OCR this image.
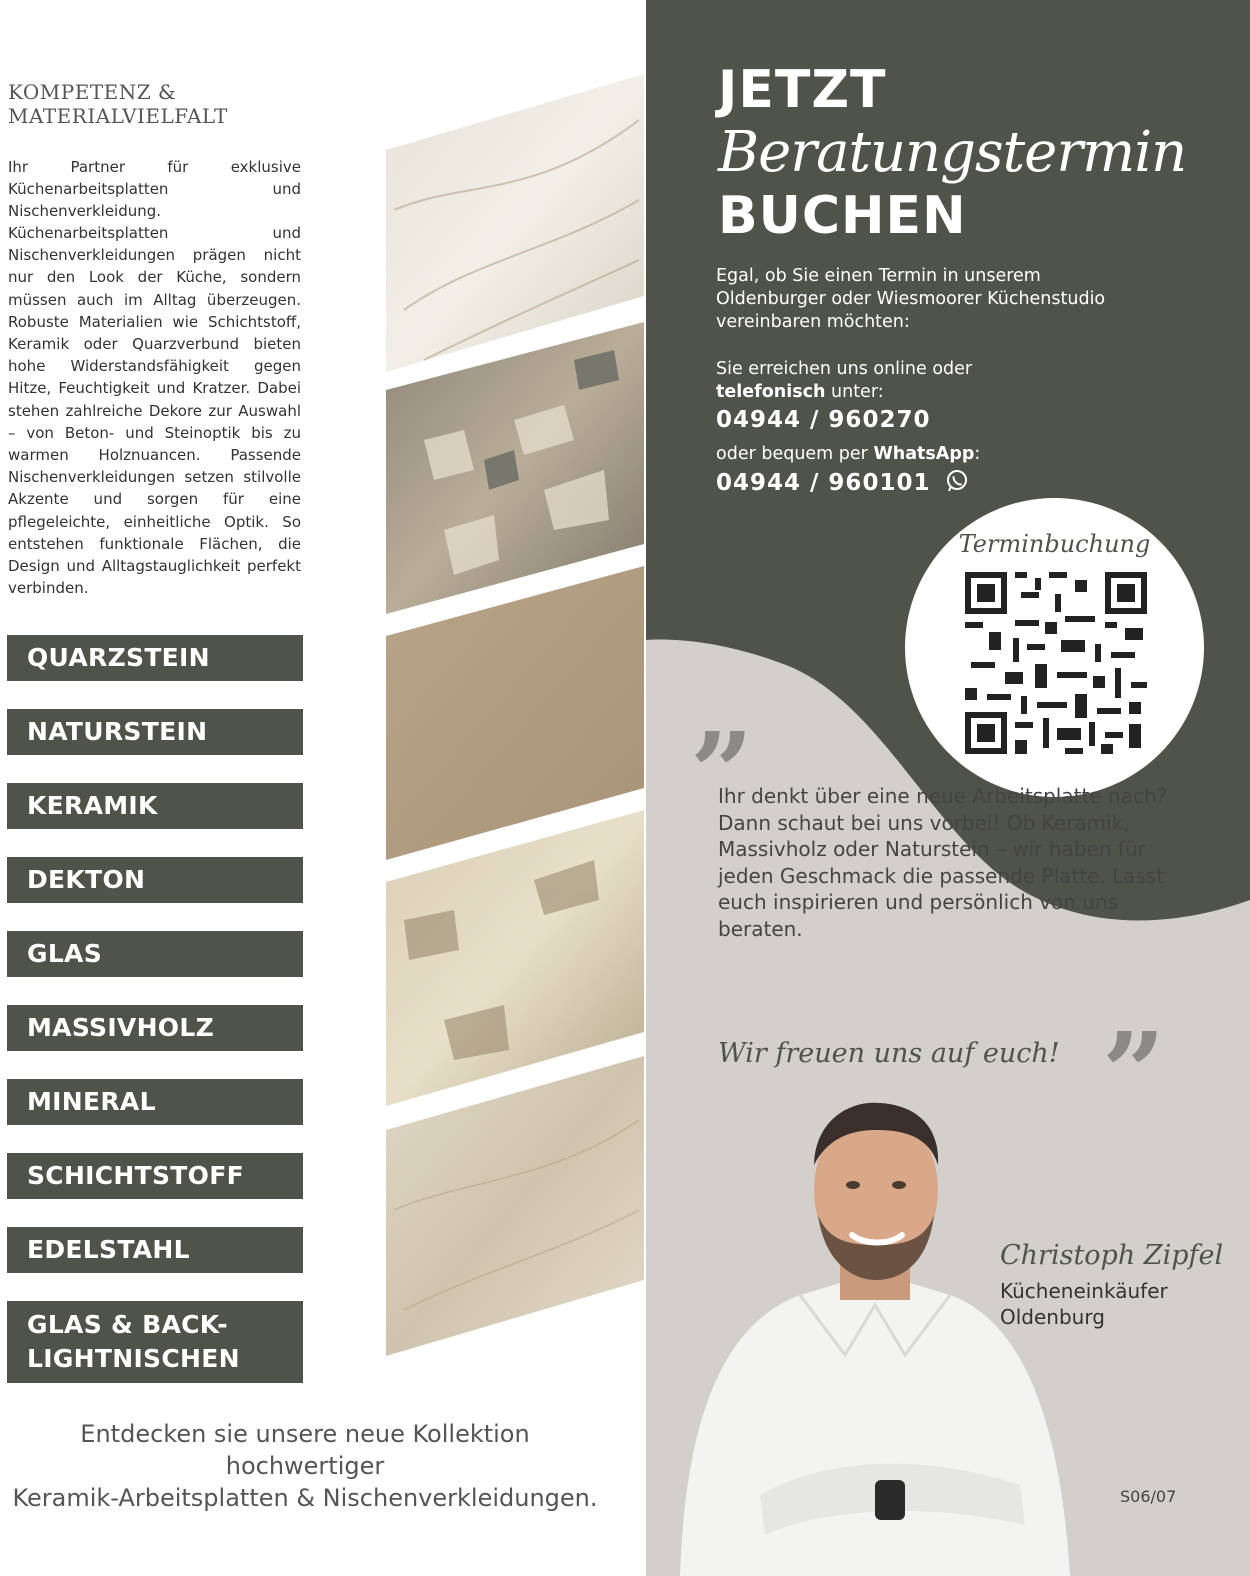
KOMPETENZ &
MATERIALVIELFALT
Ihr Partner für exklusive Küchenarbeitsplatten und Nischenverkleidung.
Küchenarbeitsplatten und Nischenverkleidungen prägen nicht nur den Look der Küche, sondern müssen auch im Alltag überzeugen. Robuste Materialien wie Schichtstoff, Keramik oder Quarzverbund bieten hohe Widerstandsfähigkeit gegen Hitze, Feuchtigkeit und Kratzer. Dabei stehen zahlreiche Dekore zur Auswahl – von Beton- und Steinoptik bis zu warmen Holznuancen. Passende Nischenverkleidungen setzen stilvolle Akzente und sorgen für eine pflegeleichte, einheitliche Optik. So entstehen funktionale Flächen, die Design und Alltagstauglichkeit perfekt verbinden.
QUARZSTEIN
NATURSTEIN
KERAMIK
DEKTON
GLAS
MASSIVHOLZ
MINERAL
SCHICHTSTOFF
EDELSTAHL
GLAS & BACK-
LIGHTNISCHEN
Entdecken sie unsere neue Kollektion hochwertiger
Keramik-Arbeitsplatten & Nischenverkleidungen.
JETZT
Beratungstermin
BUCHEN
Egal, ob Sie einen Termin in unserem Oldenburger oder Wiesmoorer Küchenstudio vereinbaren möchten:
Sie erreichen uns online oder
telefonisch unter:
04944 / 960270
oder bequem per WhatsApp:
04944 / 960101
Terminbuchung
”
Ihr denkt über eine neue Arbeitsplatte nach? Dann schaut bei uns vorbei! Ob Keramik, Massivholz oder Naturstein – wir haben für jeden Geschmack die passende Platte. Lasst euch inspirieren und persönlich von uns beraten.
Wir freuen uns auf euch! ”
Christoph Zipfel
Kücheneinkäufer
Oldenburg
S06/07
